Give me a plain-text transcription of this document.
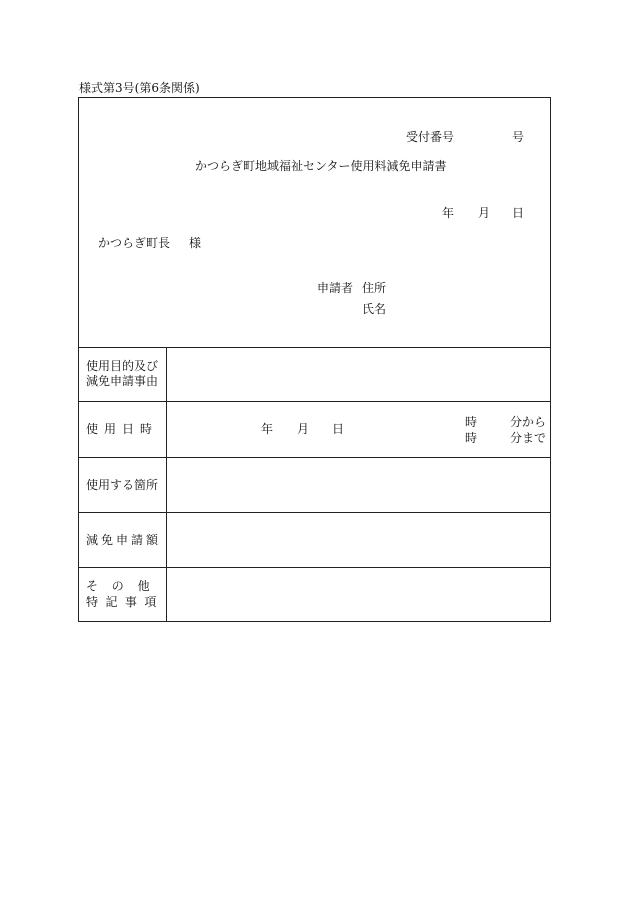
様式第3号(第6条関係)
受付番号	号
かつらぎ町地域福祉センター使用料減免申請書
年 月 日
かつらぎ町長 様
申請者 住所
氏名
使用目的及び
減免申請事由
使用日時	年 月 日	時	分から
時	分まで
使用する箇所
減免申請額
その他
特記事項
